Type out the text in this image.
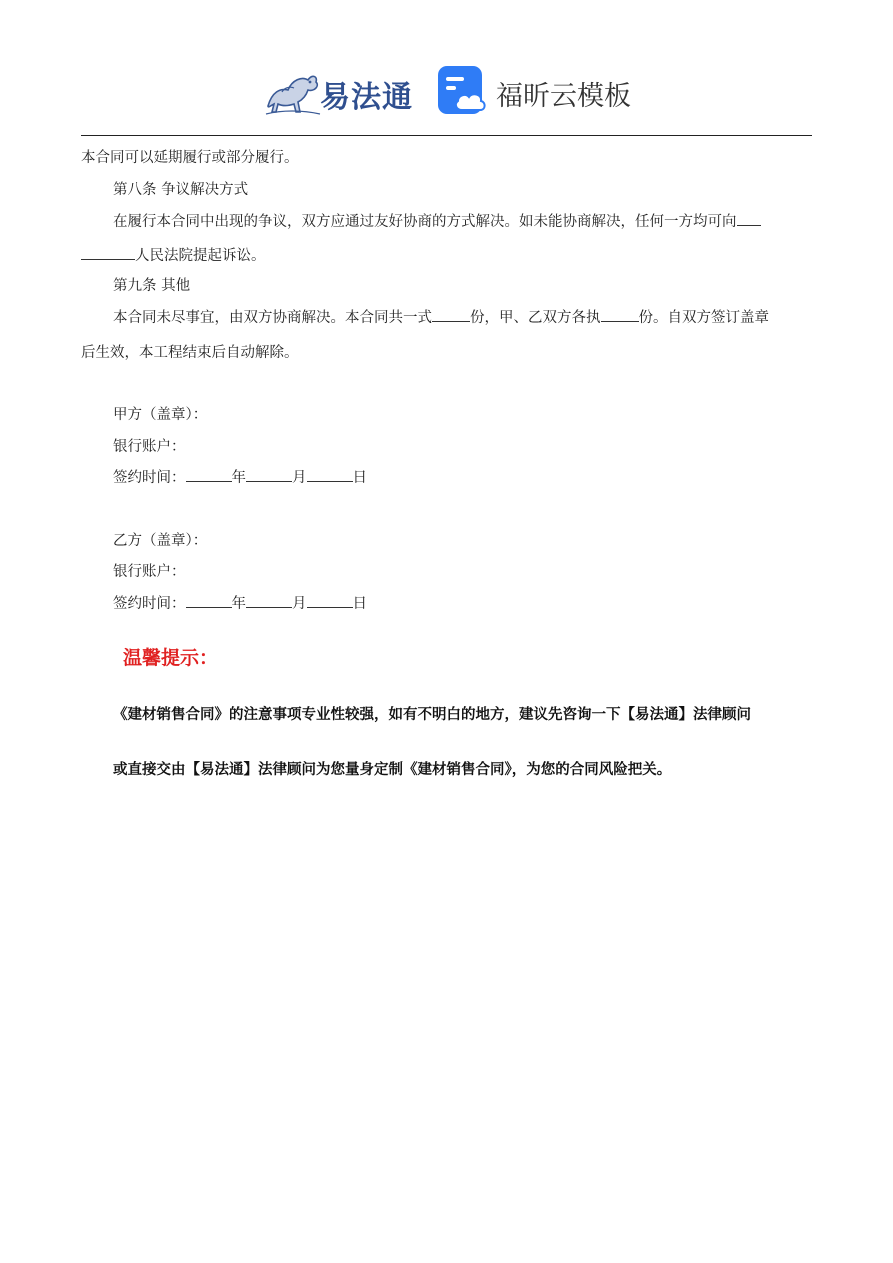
易法通	福昕云模板
本合同可以延期履行或部分履行。
第八条 争议解决方式
在履行本合同中出现的争议，双方应通过友好协商的方式解决。如未能协商解决，任何一方均可向
人民法院提起诉讼。
第九条 其他
本合同未尽事宜，由双方协商解决。本合同共一式	份，甲、乙双方各执	份。自双方签订盖章
后生效，本工程结束后自动解除。
甲方（盖章）：
银行账户：
签约时间：	年	月	日
乙方（盖章）：
银行账户：
签约时间：	年	月	日
温馨提示：
《建材销售合同》的注意事项专业性较强，如有不明白的地方，建议先咨询一下【易法通】法律顾问
或直接交由【易法通】法律顾问为您量身定制《建材销售合同》，为您的合同风险把关。
